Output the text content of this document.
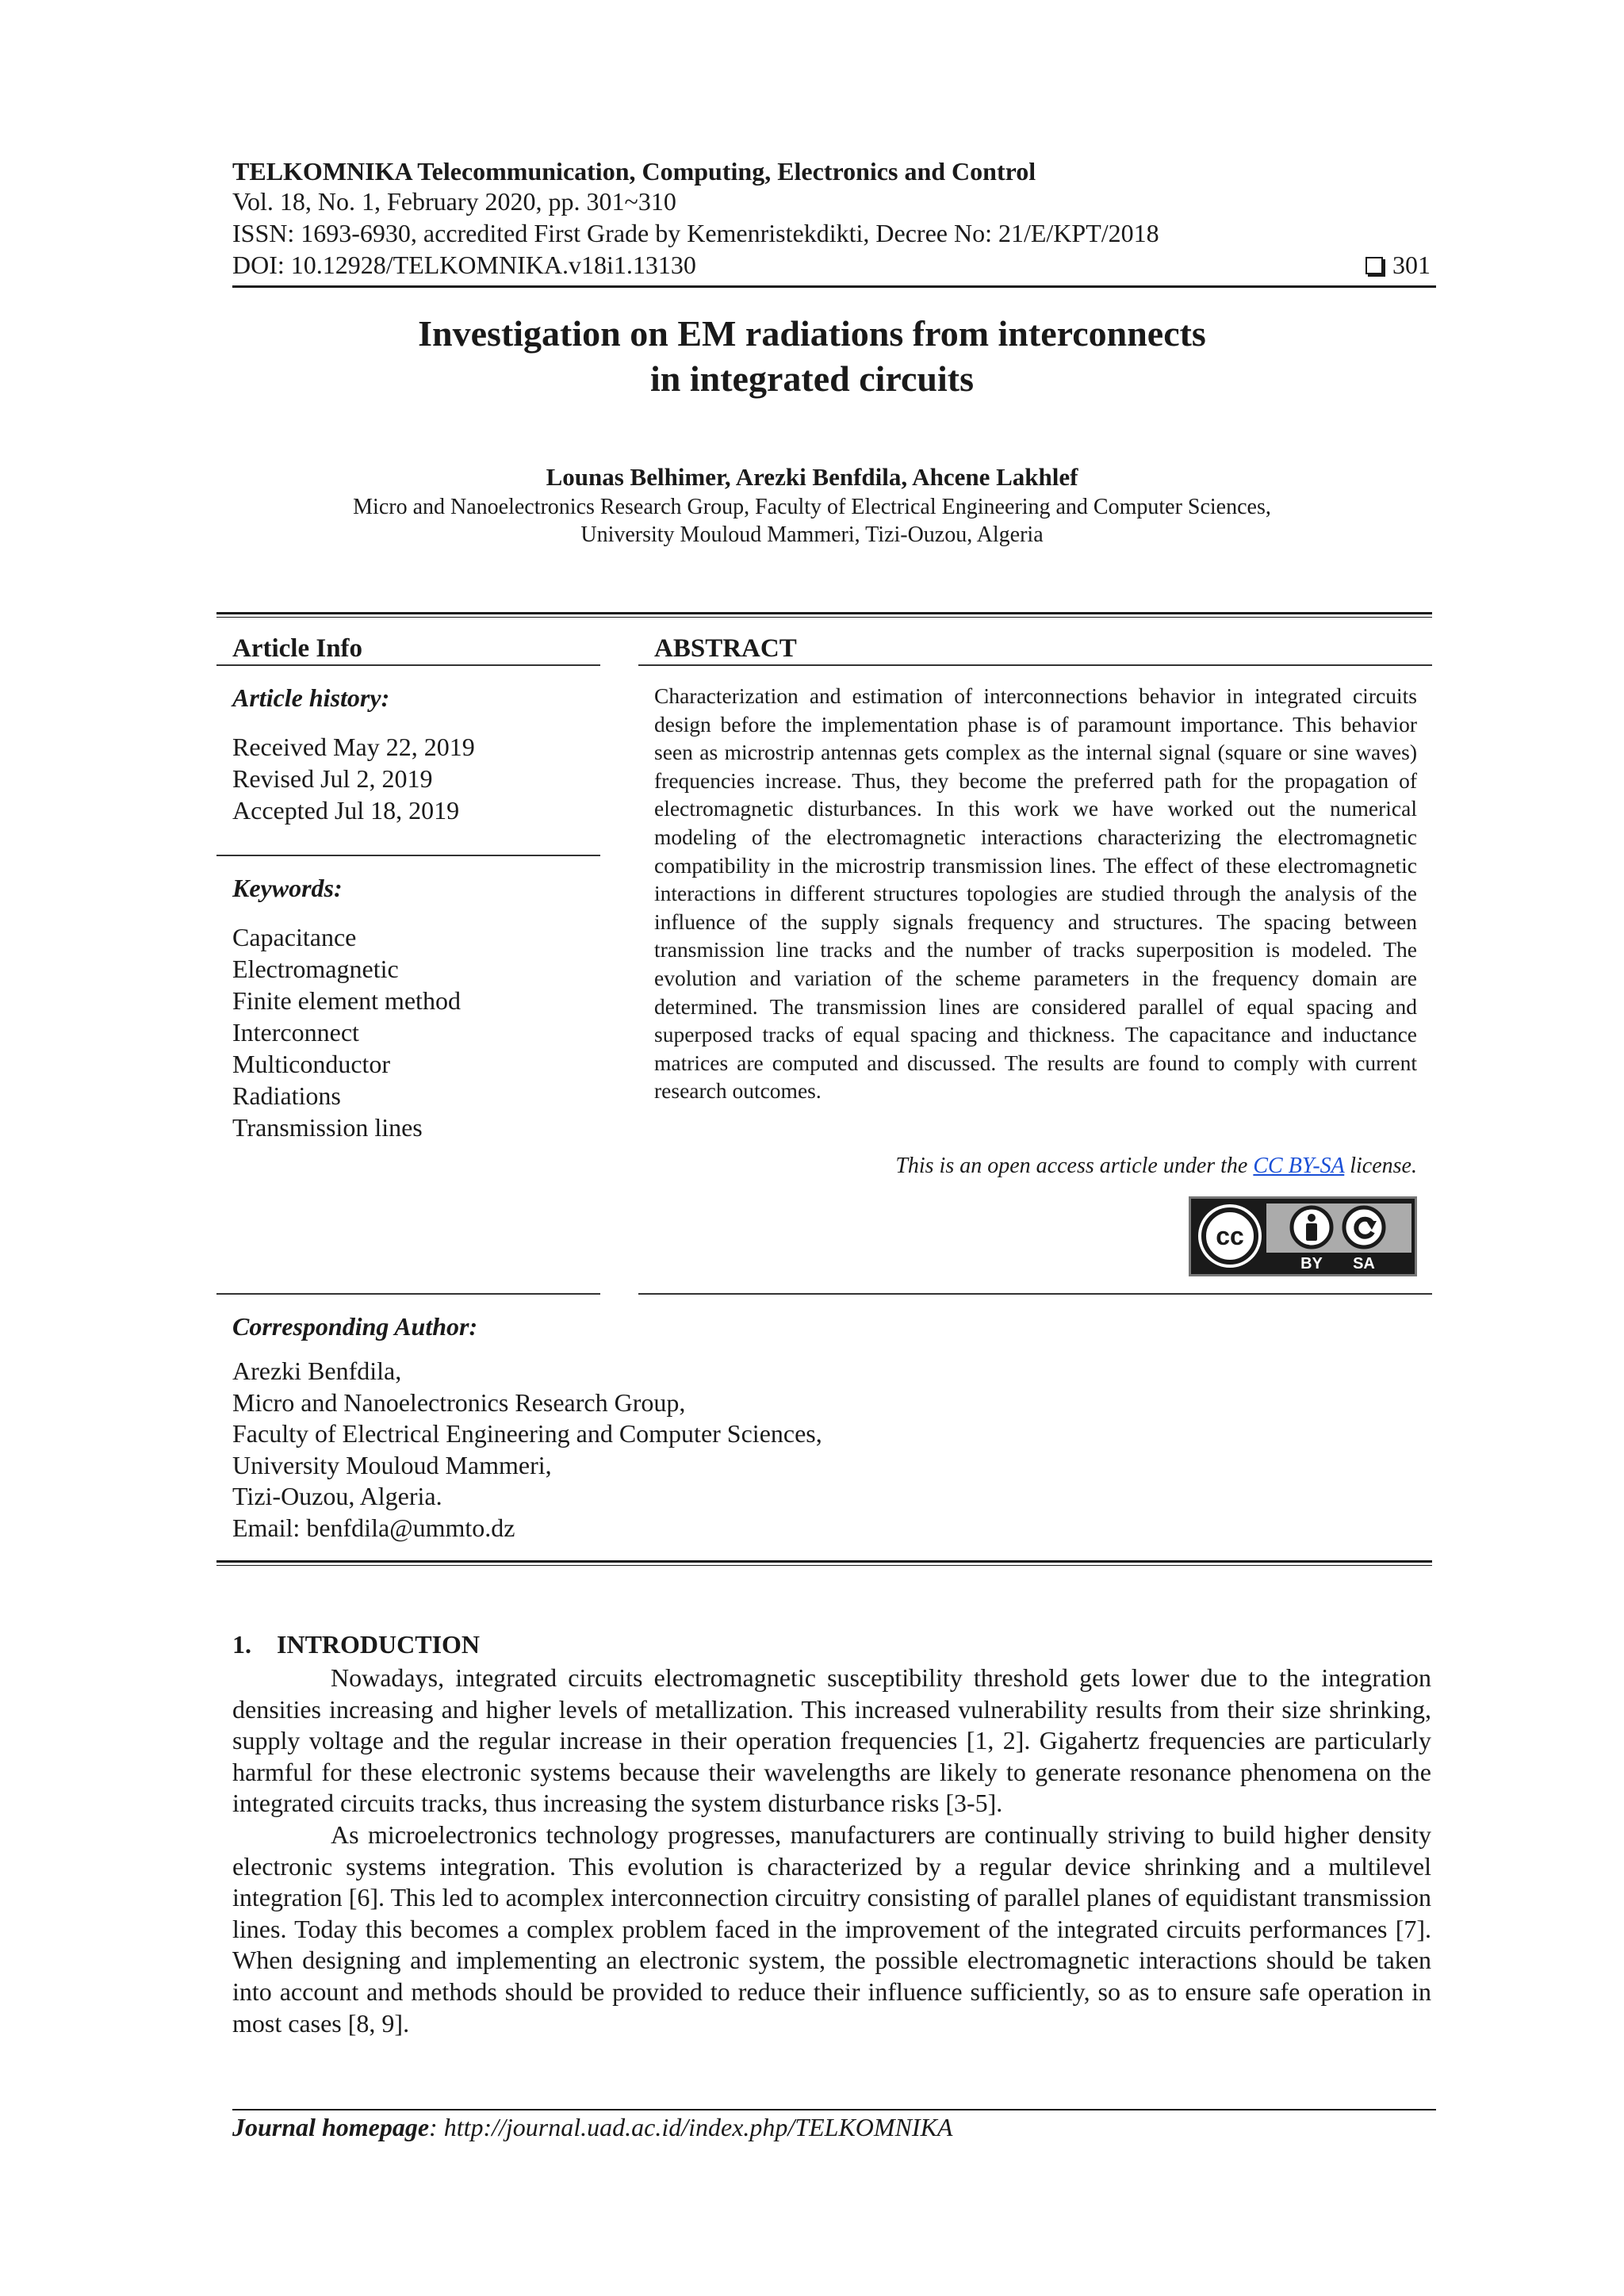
TELKOMNIKA Telecommunication, Computing, Electronics and Control
Vol. 18, No. 1, February 2020, pp. 301~310
ISSN: 1693-6930, accredited First Grade by Kemenristekdikti, Decree No: 21/E/KPT/2018
DOI: 10.12928/TELKOMNIKA.v18i1.13130	301
Investigation on EM radiations from interconnects
in integrated circuits
Lounas Belhimer, Arezki Benfdila, Ahcene Lakhlef
Micro and Nanoelectronics Research Group, Faculty of Electrical Engineering and Computer Sciences,
University Mouloud Mammeri, Tizi-Ouzou, Algeria
Article Info
Article history:
Received May 22, 2019
Revised Jul 2, 2019
Accepted Jul 18, 2019
Keywords:
Capacitance
Electromagnetic
Finite element method
Interconnect
Multiconductor
Radiations
Transmission lines
ABSTRACT
Characterization and estimation of interconnections behavior in integrated circuits design before the implementation phase is of paramount importance. This behavior seen as microstrip antennas gets complex as the internal signal (square or sine waves) frequencies increase. Thus, they become the preferred path for the propagation of electromagnetic disturbances. In this work we have worked out the numerical modeling of the electromagnetic interactions characterizing the electromagnetic compatibility in the microstrip transmission lines. The effect of these electromagnetic interactions in different structures topologies are studied through the analysis of the influence of the supply signals frequency and structures. The spacing between transmission line tracks and the number of tracks superposition is modeled. The evolution and variation of the scheme parameters in the frequency domain are determined. The transmission lines are considered parallel of equal spacing and superposed tracks of equal spacing and thickness. The capacitance and inductance matrices are computed and discussed. The results are found to comply with current research outcomes.
This is an open access article under the CC BY-SA license.
cc
BY SA
Corresponding Author:
Arezki Benfdila,
Micro and Nanoelectronics Research Group,
Faculty of Electrical Engineering and Computer Sciences,
University Mouloud Mammeri,
Tizi-Ouzou, Algeria.
Email: benfdila@ummto.dz
1.    INTRODUCTION

Nowadays, integrated circuits electromagnetic susceptibility threshold gets lower due to the integration densities increasing and higher levels of metallization. This increased vulnerability results from their size shrinking, supply voltage and the regular increase in their operation frequencies [1, 2]. Gigahertz frequencies are particularly harmful for these electronic systems because their wavelengths are likely to generate resonance phenomena on the integrated circuits tracks, thus increasing the system disturbance risks [3-5].

As microelectronics technology progresses, manufacturers are continually striving to build higher density electronic systems integration. This evolution is characterized by a regular device shrinking and a multilevel integration [6]. This led to acomplex interconnection circuitry consisting of parallel planes of equidistant transmission lines. Today this becomes a complex problem faced in the improvement of the integrated circuits performances [7]. When designing and implementing an electronic system, the possible electromagnetic interactions should be taken into account and methods should be provided to reduce their influence sufficiently, so as to ensure safe operation in most cases [8, 9].

Journal homepage: http://journal.uad.ac.id/index.php/TELKOMNIKA
